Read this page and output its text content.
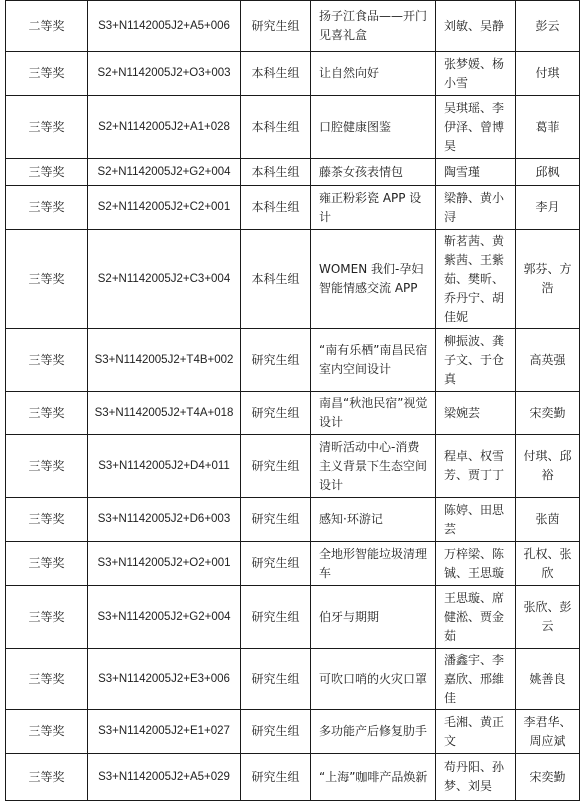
二等奖	S3+N1142005J2+A5+006	研究生组	扬子江食品——开门见喜礼盒	刘敏、吴静	彭云
三等奖	S2+N1142005J2+O3+003	本科生组	让自然向好	张梦媛、杨小雪	付琪
三等奖	S2+N1142005J2+A1+028	本科生组	口腔健康图鉴	吴琪瑶、李伊泽、曾博昊	葛菲
三等奖	S2+N1142005J2+G2+004	本科生组	藤茶女孩表情包	陶雪瑾	邱枫
三等奖	S2+N1142005J2+C2+001	本科生组	雍正粉彩瓷 APP 设计	梁静、黄小浔	李月
三等奖	S2+N1142005J2+C3+004	本科生组	WOMEN 我们-孕妇智能情感交流 APP	靳茗茜、黄紫茜、王紫茹、樊昕、乔丹宁、胡佳妮	郭芬、方浩
三等奖	S3+N1142005J2+T4B+002	研究生组	“南有乐栖”南昌民宿室内空间设计	柳振波、龚子文、于仓真	高英强
三等奖	S3+N1142005J2+T4A+018	研究生组	南昌“秋池民宿”视觉设计	梁婉芸	宋奕勤
三等奖	S3+N1142005J2+D4+011	研究生组	清昕活动中心-消费主义背景下生态空间设计	程卓、权雪芳、贾丁丁	付琪、邱裕
三等奖	S3+N1142005J2+D6+003	研究生组	感知·环游记	陈婷、田思芸	张茵
三等奖	S3+N1142005J2+O2+001	研究生组	全地形智能垃圾清理车	万梓梁、陈铖、王思璇	孔权、张欣
三等奖	S3+N1142005J2+G2+004	研究生组	伯牙与期期	王思璇、席健淞、贾金茹	张欣、彭云
三等奖	S3+N1142005J2+E3+006	研究生组	可吹口哨的火灾口罩	潘鑫宇、李嘉欣、邢維佳	姚善良
三等奖	S3+N1142005J2+E1+027	研究生组	多功能产后修复肋手	毛湘、黄正文	李君华、周应斌
三等奖	S3+N1142005J2+A5+029	研究生组	“上海”咖啡产品焕新	苟丹阳、孙梦、刘昊	宋奕勤
